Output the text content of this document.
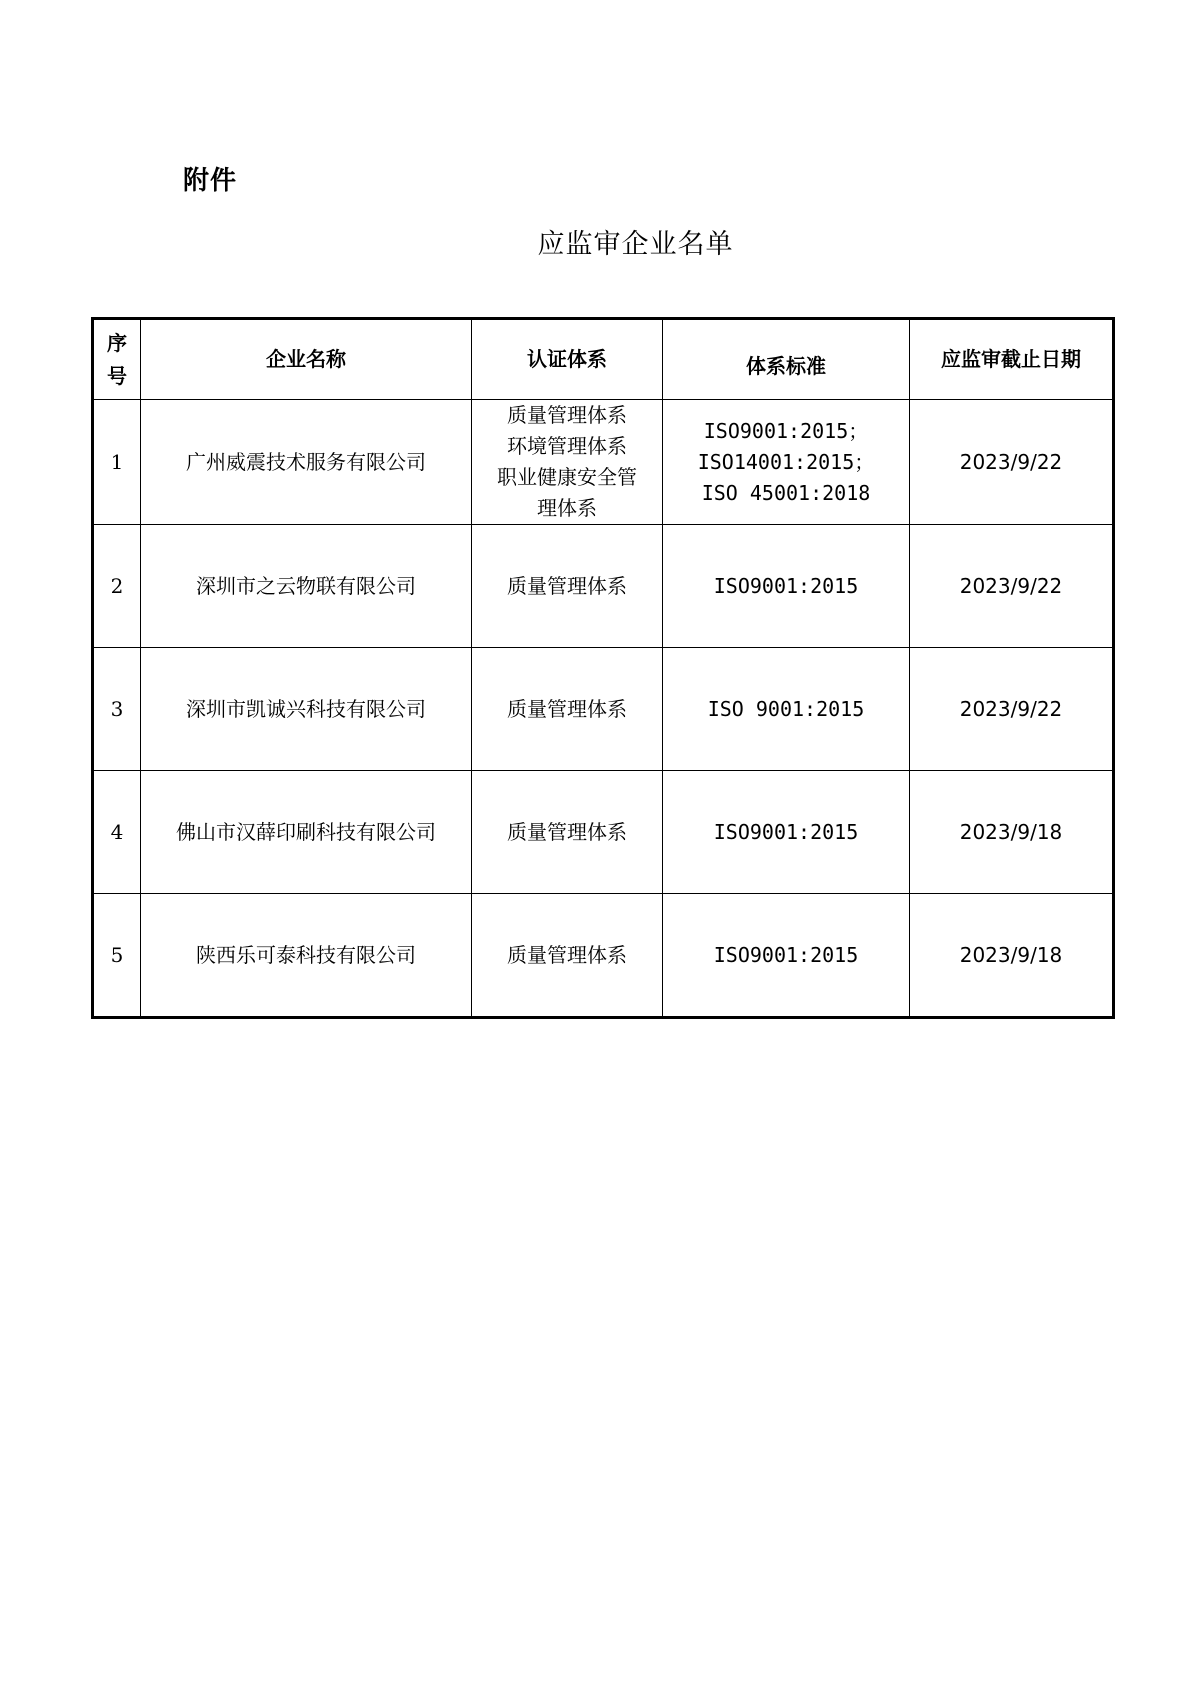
附件
应监审企业名单
序
号	企业名称	认证体系	体系标准	应监审截止日期
1	广州威震技术服务有限公司	质量管理体系
环境管理体系
职业健康安全管
理体系	ISO9001:2015；
ISO14001:2015；
ISO 45001:2018	2023/9/22
2	深圳市之云物联有限公司	质量管理体系	ISO9001:2015	2023/9/22
3	深圳市凯诚兴科技有限公司	质量管理体系	ISO 9001:2015	2023/9/22
4	佛山市汉薛印刷科技有限公司	质量管理体系	ISO9001:2015	2023/9/18
5	陕西乐可泰科技有限公司	质量管理体系	ISO9001:2015	2023/9/18
